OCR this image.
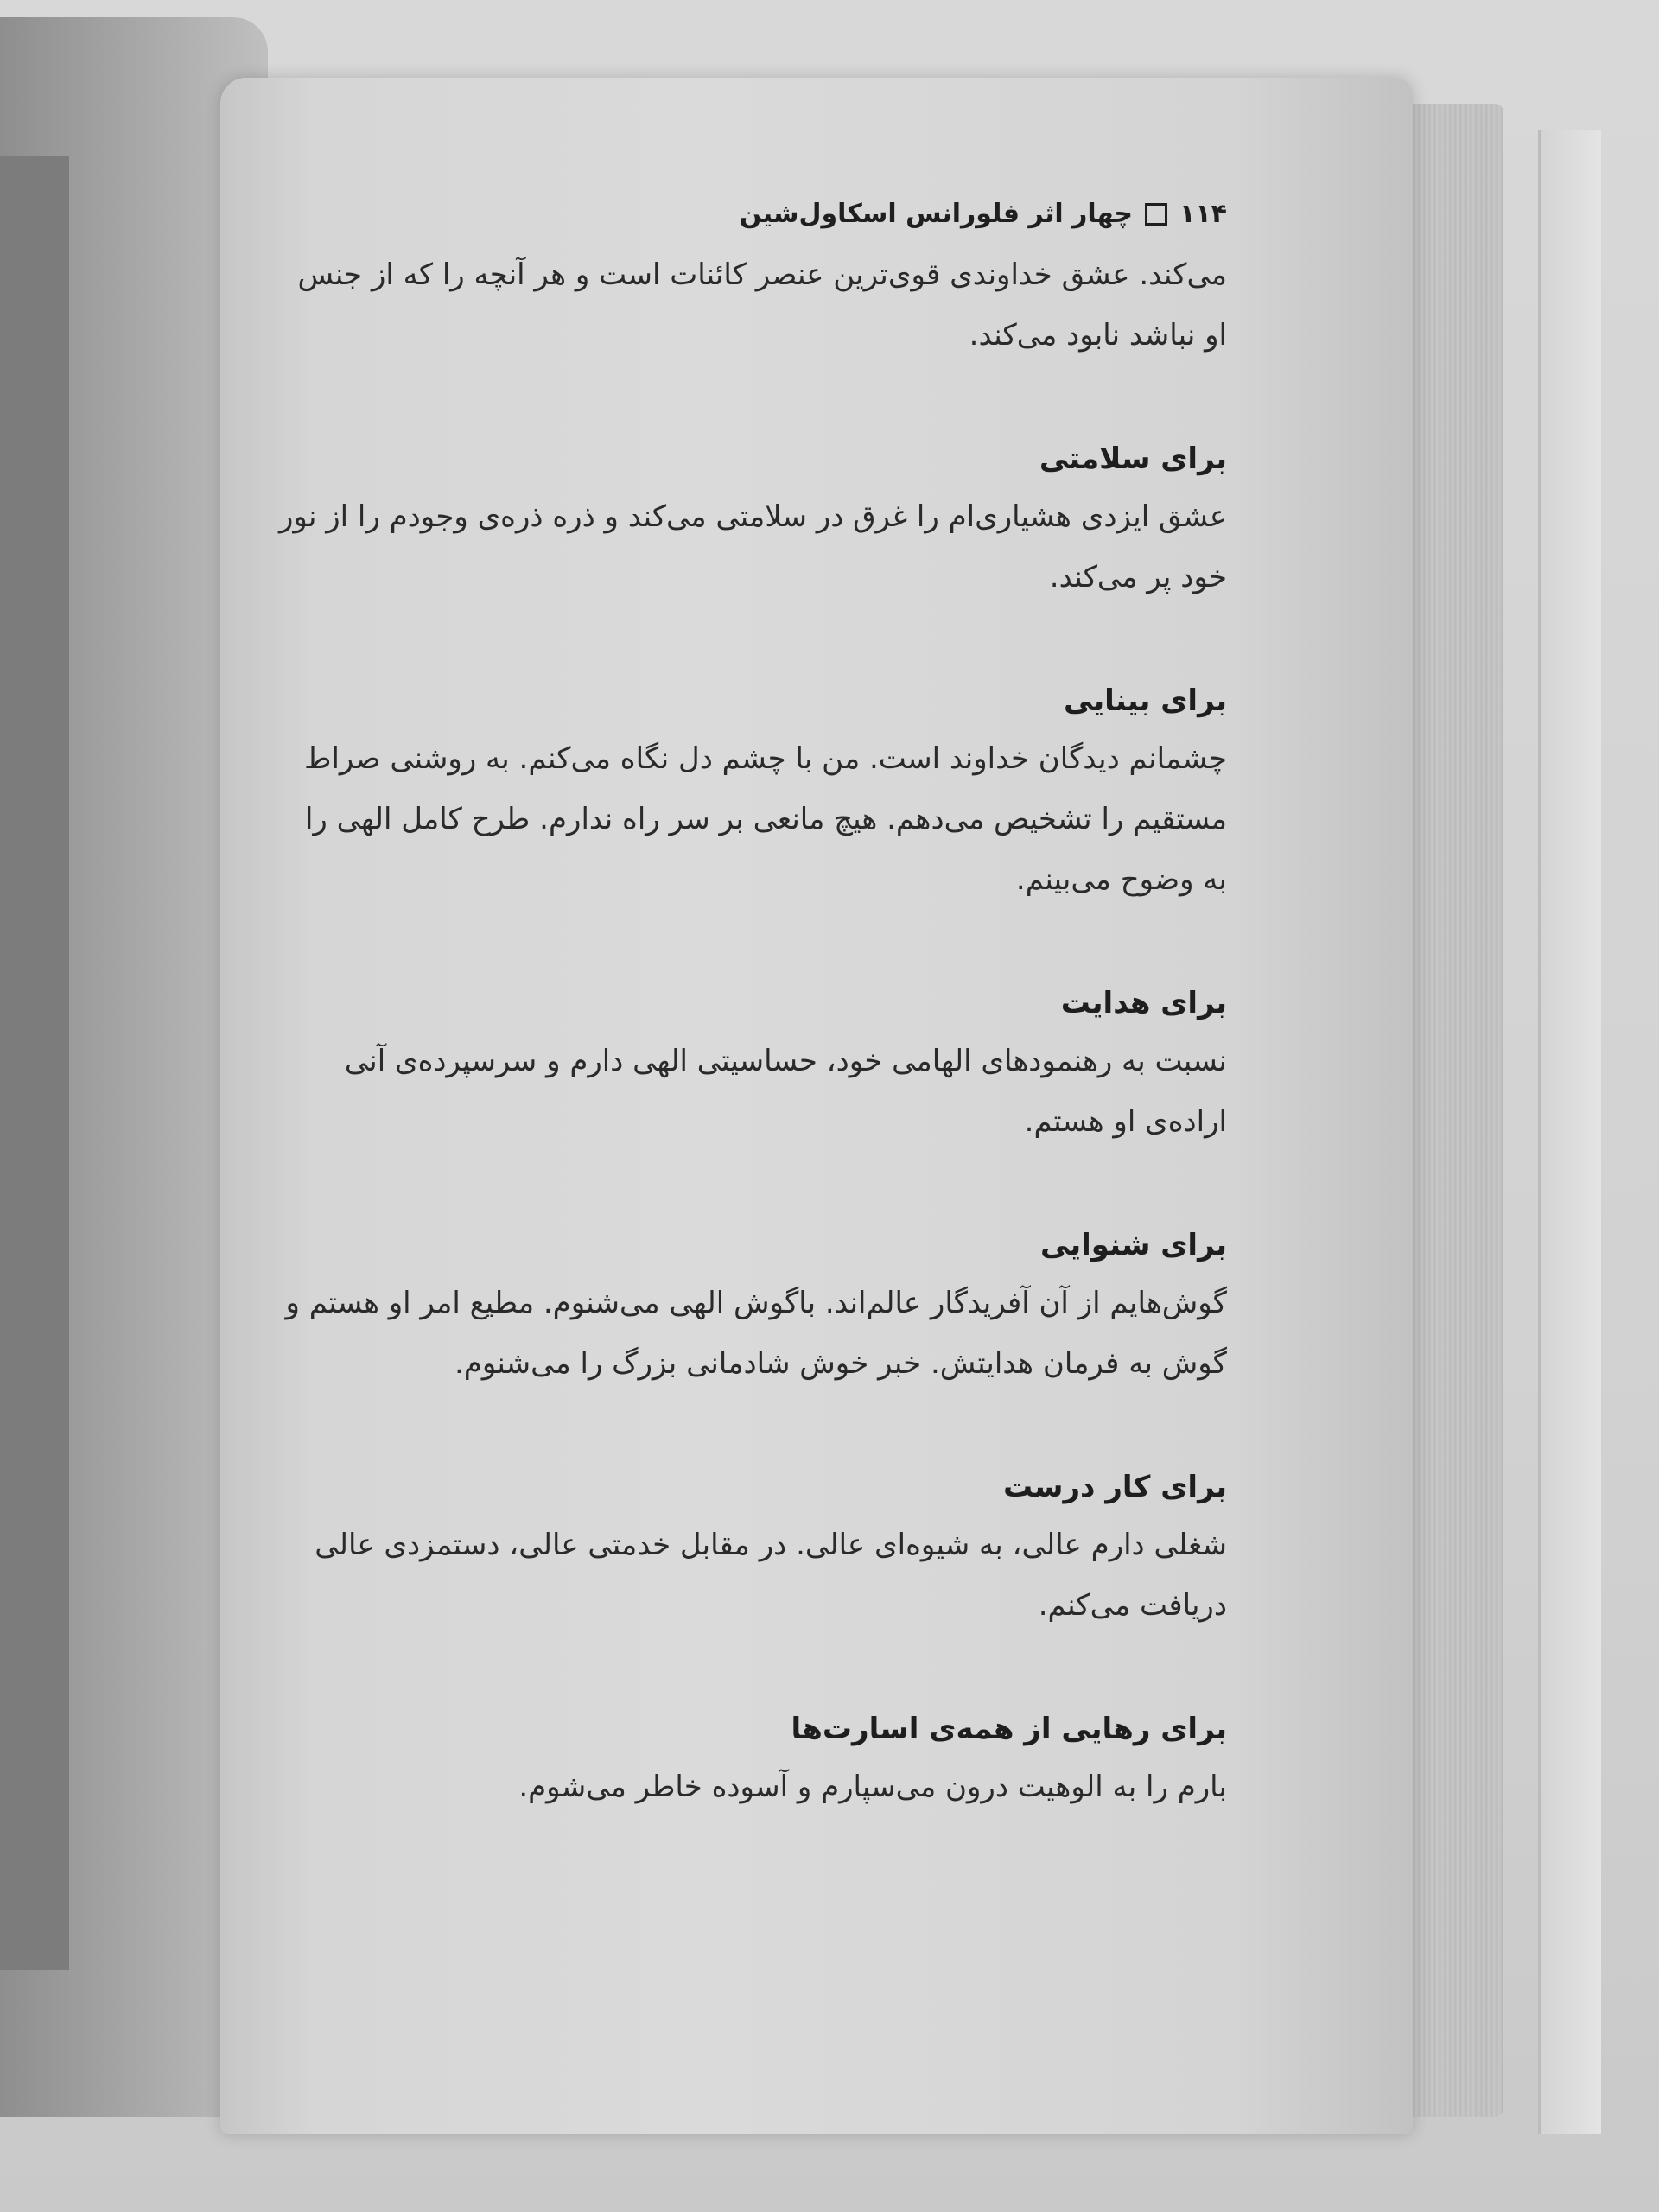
۱۱۴
چهار اثر فلورانس اسکاول‌شین

می‌کند. عشق خداوندی قوی‌ترین عنصر کائنات است و هر آنچه را که از جنس او نباشد نابود می‌کند.

برای سلامتی

عشق ایزدی هشیاری‌ام را غرق در سلامتی می‌کند و ذره ذره‌ی وجودم را از نور خود پر می‌کند.

برای بینایی

چشمانم دیدگان خداوند است. من با چشم دل نگاه می‌کنم. به روشنی صراط مستقیم را تشخیص می‌دهم. هیچ مانعی بر سر راه ندارم. طرح کامل الهی را به وضوح می‌بینم.

برای هدایت

نسبت به رهنمودهای الهامی خود، حساسیتی الهی دارم و سرسپرده‌ی آنی اراده‌ی او هستم.

برای شنوایی

گوش‌هایم از آن آفریدگار عالم‌اند. باگوش الهی می‌شنوم. مطیع امر او هستم و گوش به فرمان هدایتش. خبر خوش شادمانی بزرگ را می‌شنوم.

برای کار درست

شغلی دارم عالی، به شیوه‌ای عالی. در مقابل خدمتی عالی، دستمزدی عالی دریافت می‌کنم.

برای رهایی از همه‌ی اسارت‌ها

بارم را به الوهیت درون می‌سپارم و آسوده خاطر می‌شوم.
